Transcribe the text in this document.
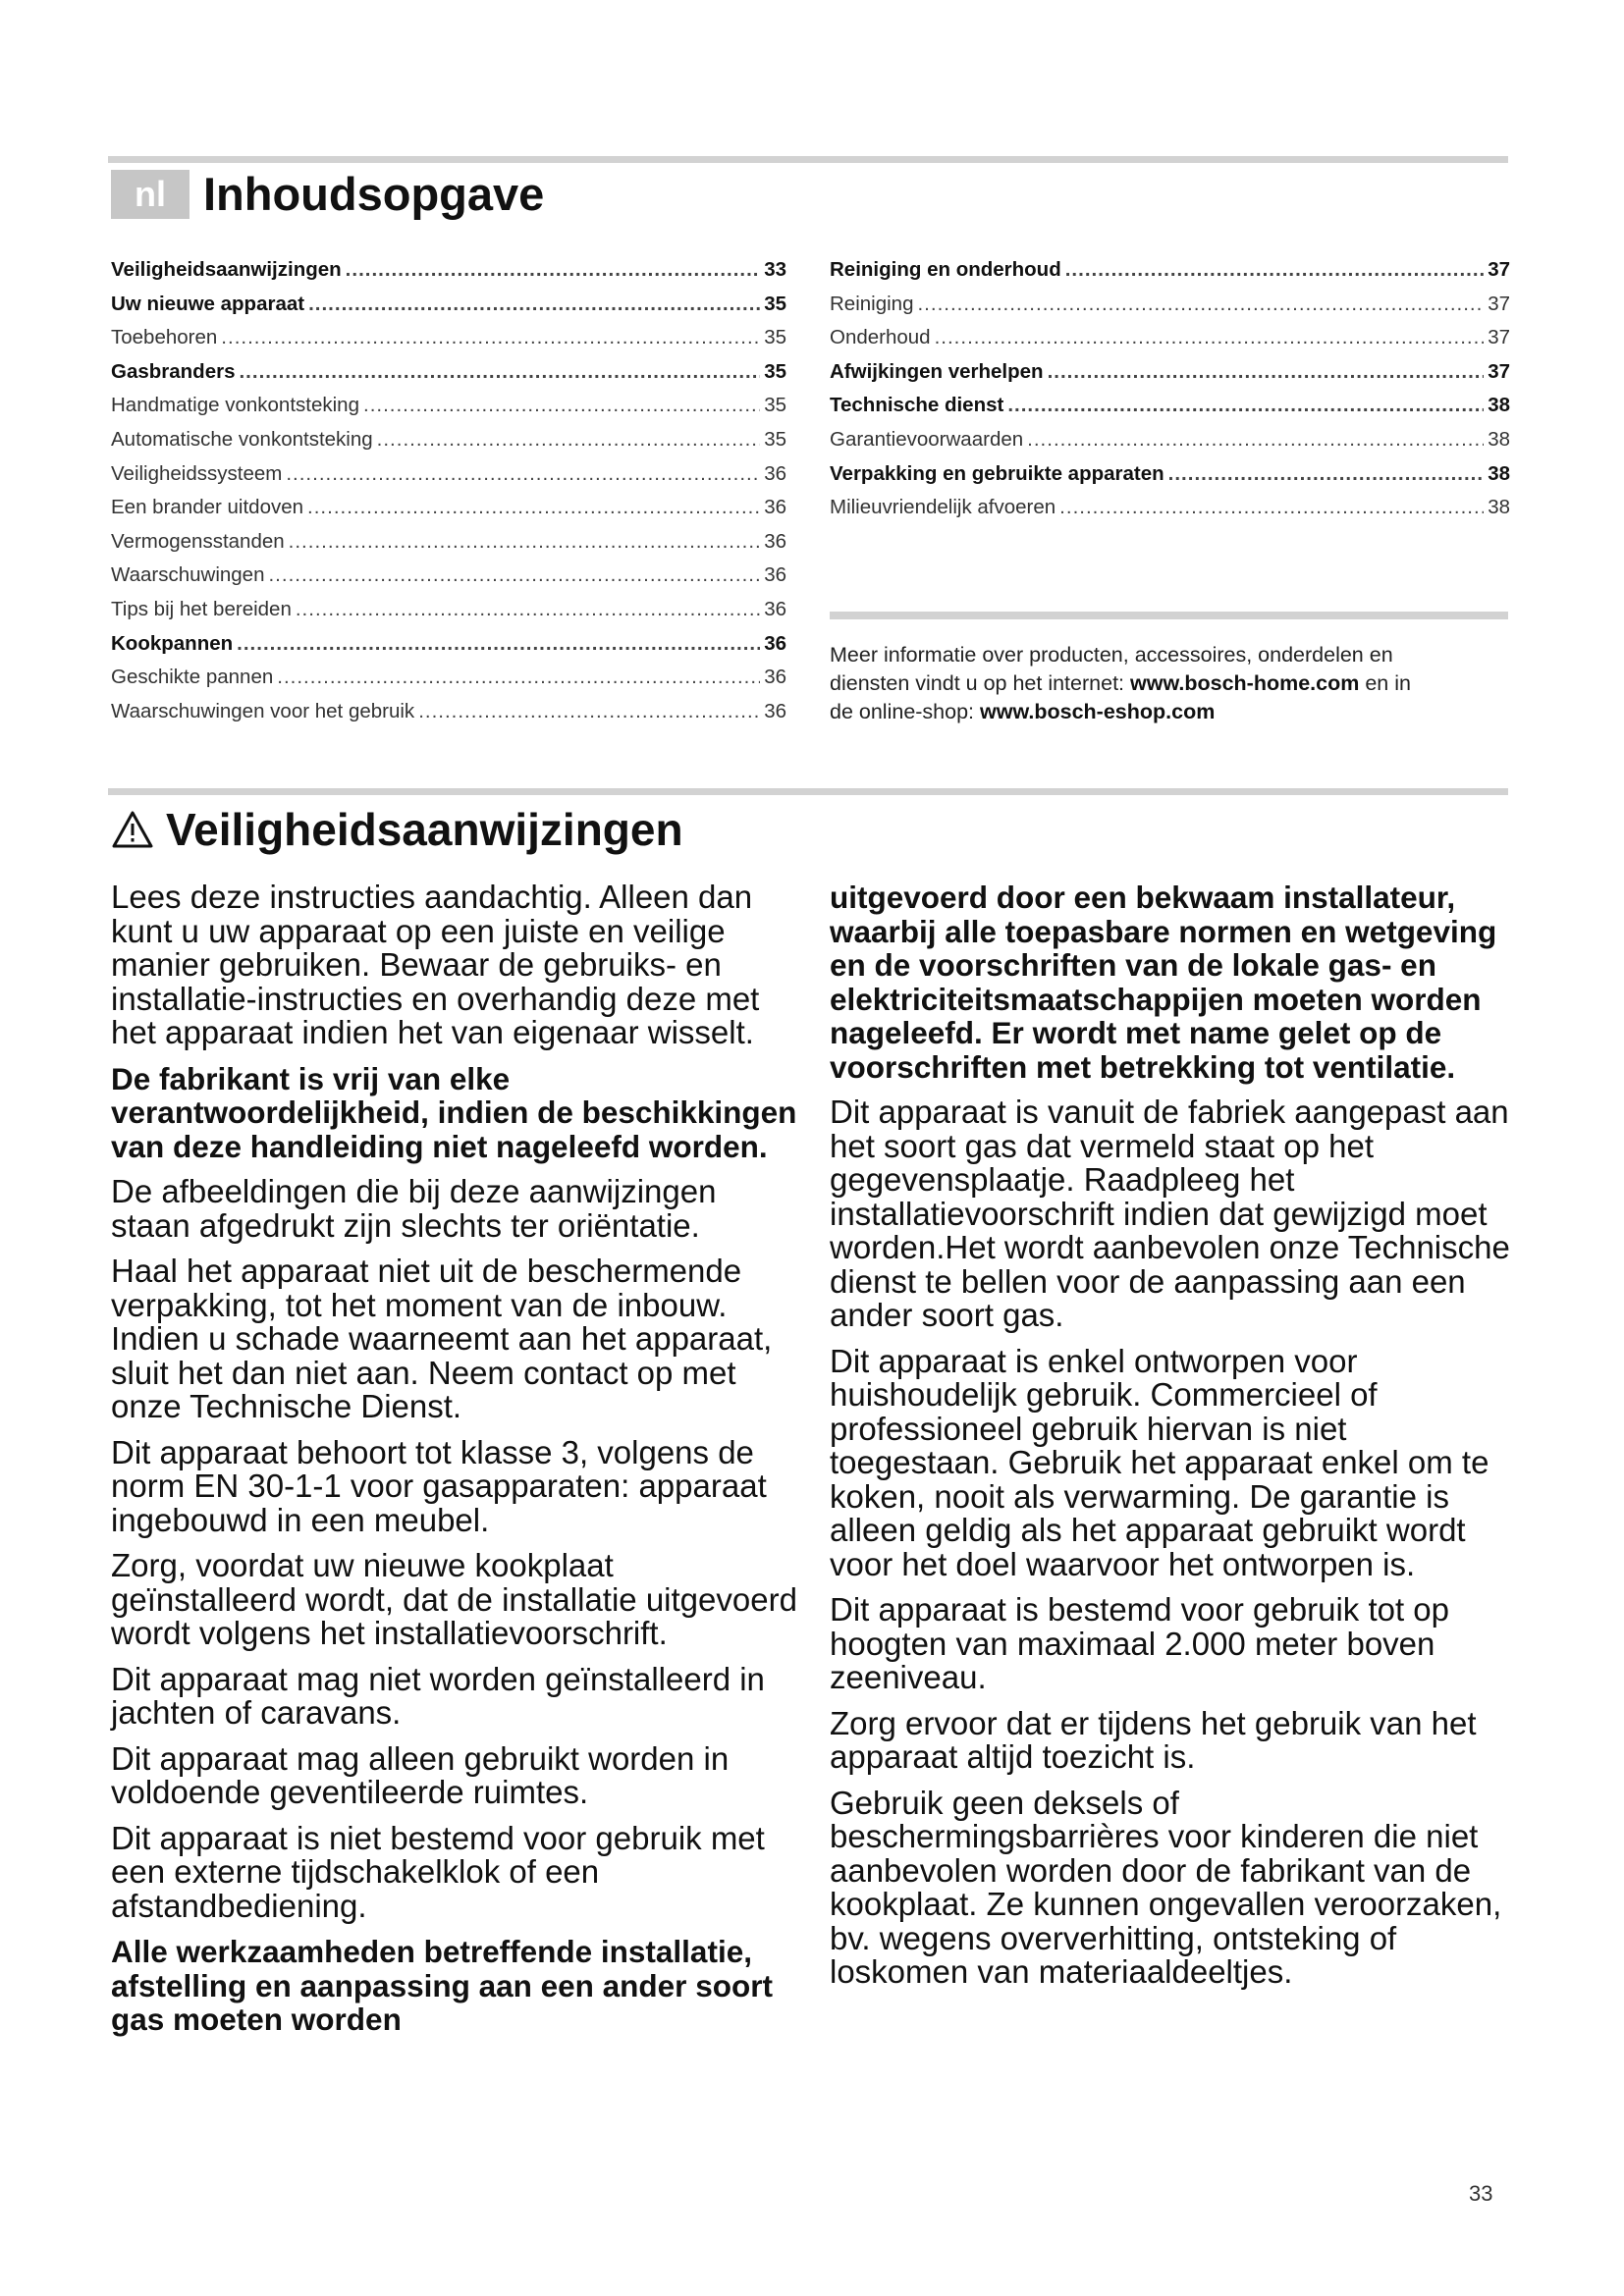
nl Inhoudsopgave
Veiligheidsaanwijzingen .....	33
Uw nieuwe apparaat .....	35
Toebehoren .....	35
Gasbranders .....	35
Handmatige vonkontsteking .....	35
Automatische vonkontsteking .....	35
Veiligheidssysteem .....	36
Een brander uitdoven .....	36
Vermogensstanden .....	36
Waarschuwingen .....	36
Tips bij het bereiden .....	36
Kookpannen .....	36
Geschikte pannen .....	36
Waarschuwingen voor het gebruik .....	36
Reiniging en onderhoud .....	37
Reiniging .....	37
Onderhoud .....	37
Afwijkingen verhelpen .....	37
Technische dienst .....	38
Garantievoorwaarden .....	38
Verpakking en gebruikte apparaten .....	38
Milieuvriendelijk afvoeren .....	38
Meer informatie over producten, accessoires, onderdelen en
diensten vindt u op het internet: www.bosch-home.com en in
de online-shop: www.bosch-eshop.com
Veiligheidsaanwijzingen

Lees deze instructies aandachtig. Alleen dan kunt u uw apparaat op een juiste en veilige manier gebruiken. Bewaar de gebruiks- en installatie-instructies en overhandig deze met het apparaat indien het van eigenaar wisselt.

De fabrikant is vrij van elke verantwoordelijkheid, indien de beschikkingen van deze handleiding niet nageleefd worden.

De afbeeldingen die bij deze aanwijzingen staan afgedrukt zijn slechts ter oriëntatie.

Haal het apparaat niet uit de beschermende verpakking, tot het moment van de inbouw. Indien u schade waarneemt aan het apparaat, sluit het dan niet aan. Neem contact op met onze Technische Dienst.

Dit apparaat behoort tot klasse 3, volgens de norm EN 30-1-1 voor gasapparaten: apparaat ingebouwd in een meubel.

Zorg, voordat uw nieuwe kookplaat geïnstalleerd wordt, dat de installatie uitgevoerd wordt volgens het installatievoorschrift.

Dit apparaat mag niet worden geïnstalleerd in jachten of caravans.

Dit apparaat mag alleen gebruikt worden in voldoende geventileerde ruimtes.

Dit apparaat is niet bestemd voor gebruik met een externe tijdschakelklok of een afstandbediening.

Alle werkzaamheden betreffende installatie, afstelling en aanpassing aan een ander soort gas moeten worden

uitgevoerd door een bekwaam installateur, waarbij alle toepasbare normen en wetgeving en de voorschriften van de lokale gas- en elektriciteitsmaatschappijen moeten worden nageleefd. Er wordt met name gelet op de voorschriften met betrekking tot ventilatie.

Dit apparaat is vanuit de fabriek aangepast aan het soort gas dat vermeld staat op het gegevensplaatje. Raadpleeg het installatievoorschrift indien dat gewijzigd moet worden.Het wordt aanbevolen onze Technische dienst te bellen voor de aanpassing aan een ander soort gas.

Dit apparaat is enkel ontworpen voor huishoudelijk gebruik. Commercieel of professioneel gebruik hiervan is niet toegestaan. Gebruik het apparaat enkel om te koken, nooit als verwarming. De garantie is alleen geldig als het apparaat gebruikt wordt voor het doel waarvoor het ontworpen is.

Dit apparaat is bestemd voor gebruik tot op hoogten van maximaal 2.000 meter boven zeeniveau.

Zorg ervoor dat er tijdens het gebruik van het apparaat altijd toezicht is.

Gebruik geen deksels of beschermingsbarrières voor kinderen die niet aanbevolen worden door de fabrikant van de kookplaat. Ze kunnen ongevallen veroorzaken, bv. wegens oververhitting, ontsteking of loskomen van materiaaldeeltjes.

33
